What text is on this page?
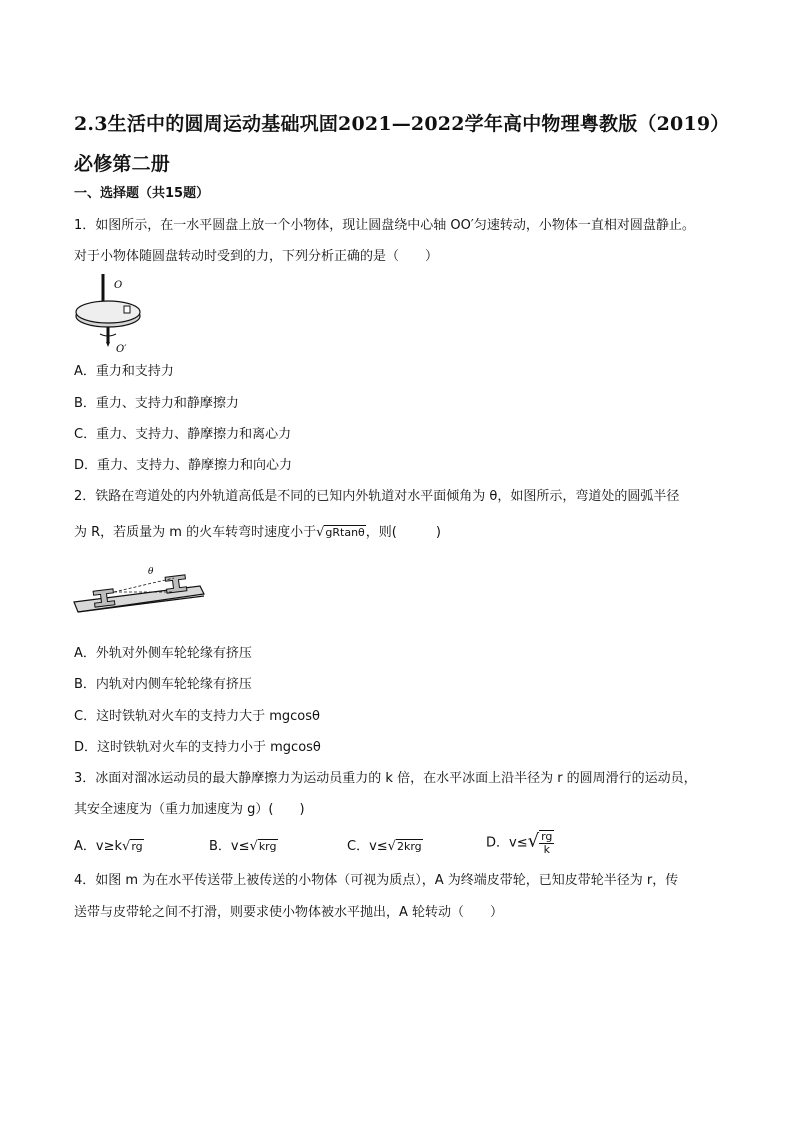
2.3生活中的圆周运动基础巩固2021—2022学年高中物理粤教版（2019）必修第二册
一、选择题（共15题）
1．如图所示，在一水平圆盘上放一个小物体，现让圆盘绕中心轴 OO′匀速转动，小物体一直相对圆盘静止。
对于小物体随圆盘转动时受到的力，下列分析正确的是（　　）
O
O′
A．重力和支持力
B．重力、支持力和静摩擦力
C．重力、支持力、静摩擦力和离心力
D．重力、支持力、静摩擦力和向心力
2．铁路在弯道处的内外轨道高低是不同的已知内外轨道对水平面倾角为 θ，如图所示，弯道处的圆弧半径
为 R，若质量为 m 的火车转弯时速度小于√gRtanθ，则(　　　)
θ
A．外轨对外侧车轮轮缘有挤压
B．内轨对内侧车轮轮缘有挤压
C．这时铁轨对火车的支持力大于 mgcosθ
D．这时铁轨对火车的支持力小于 mgcosθ
3．冰面对溜冰运动员的最大静摩擦力为运动员重力的 k 倍，在水平冰面上沿半径为 r 的圆周滑行的运动员，
其安全速度为（重力加速度为 g）(　　)
A．v≥k√rg	B．v≤√krg	C．v≤√2krg	D．$v\le√ \frac{rg}{k}$
4．如图 m 为在水平传送带上被传送的小物体（可视为质点），A 为终端皮带轮，已知皮带轮半径为 r，传
送带与皮带轮之间不打滑，则要求使小物体被水平抛出，A 轮转动（　　）
